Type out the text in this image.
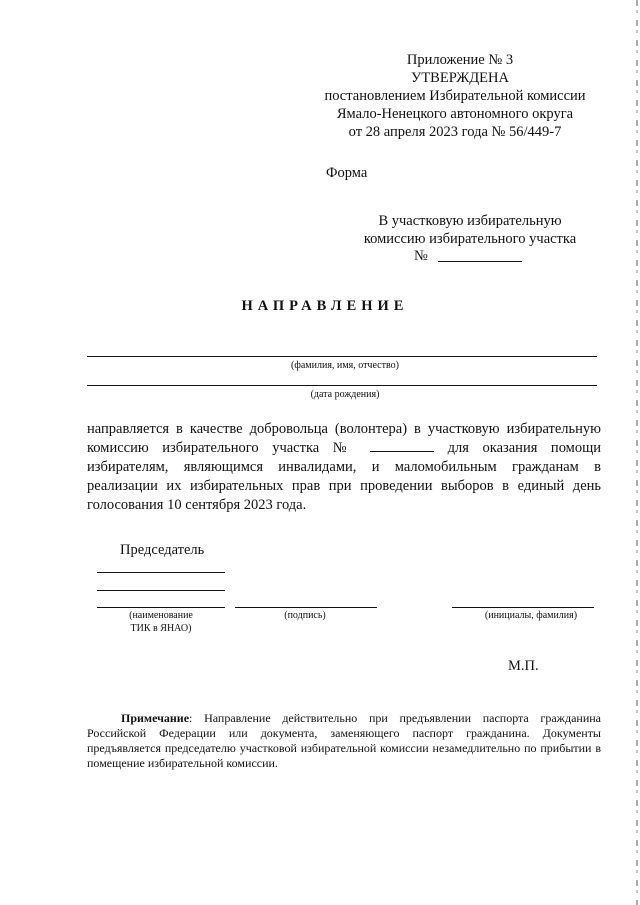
Приложение № 3
УТВЕРЖДЕНА
постановлением Избирательной комиссии
Ямало-Ненецкого автономного округа
от 28 апреля 2023 года № 56/449-7
Форма
В участковую избирательную
комиссию избирательного участка
№
НАПРАВЛЕНИЕ
(фамилия, имя, отчество)
(дата рождения)
направляется в качестве добровольца (волонтера) в участковую избирательную комиссию избирательного участка №	для оказания помощи избирателям, являющимся инвалидами, и маломобильным гражданам в реализации их избирательных прав при проведении выборов в единый день голосования 10 сентября 2023 года.
Председатель
(наименование
ТИК в ЯНАО)
(подпись)	(инициалы, фамилия)
М.П.
Примечание: Направление действительно при предъявлении паспорта гражданина Российской Федерации или документа, заменяющего паспорт гражданина. Документы предъявляется председателю участковой избирательной комиссии незамедлительно по прибытии в помещение избирательной комиссии.
